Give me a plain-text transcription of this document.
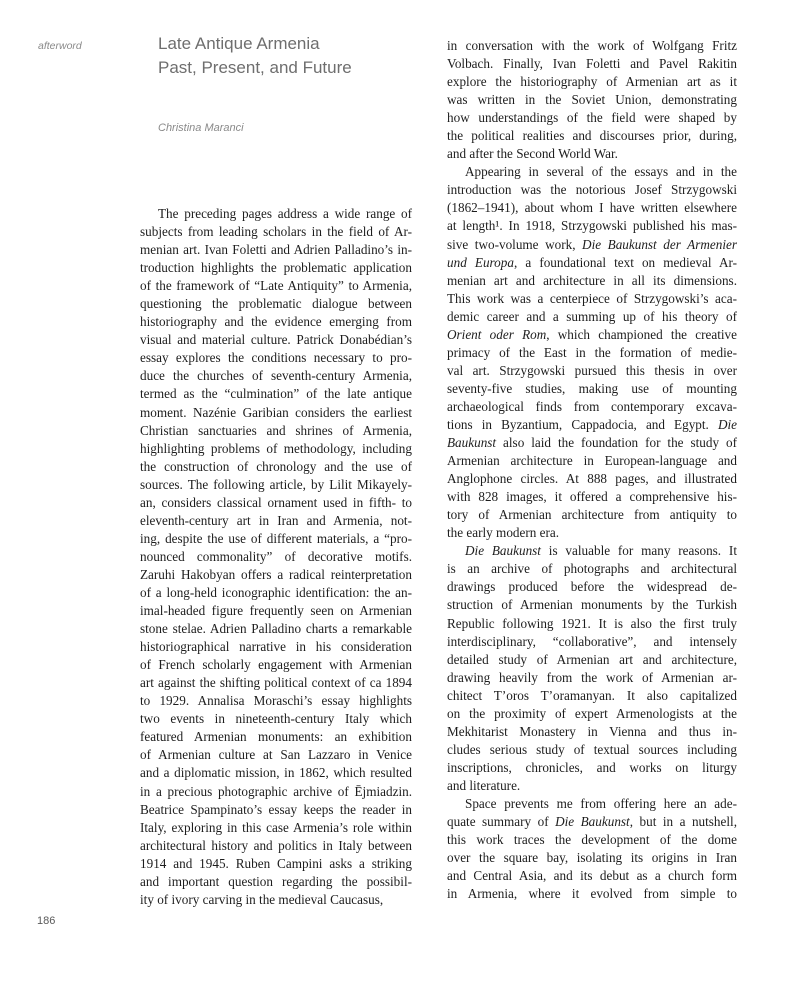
afterword	Late Antique Armenia
Past, Present, and Future
Christina Maranci
The preceding pages address a wide range of
subjects from leading scholars in the field of Ar-
menian art. Ivan Foletti and Adrien Palladino’s in-
troduction highlights the problematic application
of the framework of “Late Antiquity” to Armenia,
questioning the problematic dialogue between
historiography and the evidence emerging from
visual and material culture. Patrick Donabédian’s
essay explores the conditions necessary to pro-
duce the churches of seventh-century Armenia,
termed as the “culmination” of the late antique
moment. Nazénie Garibian considers the earliest
Christian sanctuaries and shrines of Armenia,
highlighting problems of methodology, including
the construction of chronology and the use of
sources. The following article, by Lilit Mikayely-
an, considers classical ornament used in fifth- to
eleventh-century art in Iran and Armenia, not-
ing, despite the use of different materials, a “pro-
nounced commonality” of decorative motifs.
Zaruhi Hakobyan offers a radical reinterpretation
of a long-held iconographic identification: the an-
imal-headed figure frequently seen on Armenian
stone stelae. Adrien Palladino charts a remarkable
historiographical narrative in his consideration
of French scholarly engagement with Armenian
art against the shifting political context of ca 1894
to 1929. Annalisa Moraschi’s essay highlights
two events in nineteenth-century Italy which
featured Armenian monuments: an exhibition
of Armenian culture at San Lazzaro in Venice
and a diplomatic mission, in 1862, which resulted
in a precious photographic archive of Ējmiadzin.
Beatrice Spampinato’s essay keeps the reader in
Italy, exploring in this case Armenia’s role within
architectural history and politics in Italy between
1914 and 1945. Ruben Campini asks a striking
and important question regarding the possibil-
ity of ivory carving in the medieval Caucasus,
in conversation with the work of Wolfgang Fritz
Volbach. Finally, Ivan Foletti and Pavel Rakitin
explore the historiography of Armenian art as it
was written in the Soviet Union, demonstrating
how understandings of the field were shaped by
the political realities and discourses prior, during,
and after the Second World War.
Appearing in several of the essays and in the
introduction was the notorious Josef Strzygowski
(1862–1941), about whom I have written elsewhere
at length¹. In 1918, Strzygowski published his mas-
sive two-volume work, Die Baukunst der Armenier
und Europa, a foundational text on medieval Ar-
menian art and architecture in all its dimensions.
This work was a centerpiece of Strzygowski’s aca-
demic career and a summing up of his theory of
Orient oder Rom, which championed the creative
primacy of the East in the formation of medie-
val art. Strzygowski pursued this thesis in over
seventy-five studies, making use of mounting
archaeological finds from contemporary excava-
tions in Byzantium, Cappadocia, and Egypt. Die
Baukunst also laid the foundation for the study of
Armenian architecture in European-language and
Anglophone circles. At 888 pages, and illustrated
with 828 images, it offered a comprehensive his-
tory of Armenian architecture from antiquity to
the early modern era.
Die Baukunst is valuable for many reasons. It
is an archive of photographs and architectural
drawings produced before the widespread de-
struction of Armenian monuments by the Turkish
Republic following 1921. It is also the first truly
interdisciplinary, “collaborative”, and intensely
detailed study of Armenian art and architecture,
drawing heavily from the work of Armenian ar-
chitect T’oros T’oramanyan. It also capitalized
on the proximity of expert Armenologists at the
Mekhitarist Monastery in Vienna and thus in-
cludes serious study of textual sources including
inscriptions, chronicles, and works on liturgy
and literature.
Space prevents me from offering here an ade-
quate summary of Die Baukunst, but in a nutshell,
this work traces the development of the dome
over the square bay, isolating its origins in Iran
and Central Asia, and its debut as a church form
in Armenia, where it evolved from simple to
186
